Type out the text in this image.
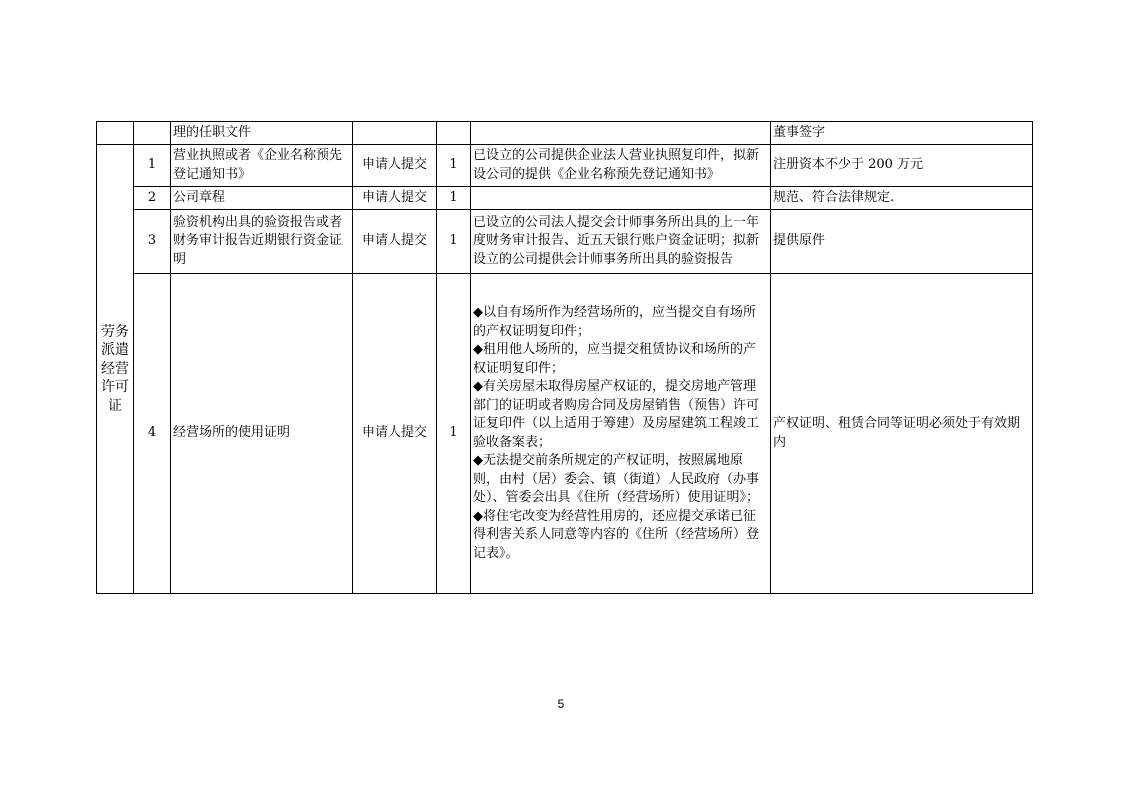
		理的任职文件				董事签字
劳务派遣经营许可证	1	营业执照或者《企业名称预先登记通知书》	申请人提交	1	已设立的公司提供企业法人营业执照复印件，拟新设公司的提供《企业名称预先登记通知书》	注册资本不少于 200 万元
	2	公司章程	申请人提交	1		规范、符合法律规定.
	3	验资机构出具的验资报告或者财务审计报告近期银行资金证明	申请人提交	1	已设立的公司法人提交会计师事务所出具的上一年度财务审计报告、近五天银行账户资金证明；拟新设立的公司提供会计师事务所出具的验资报告	提供原件
	4	经营场所的使用证明	申请人提交	1	◆以自有场所作为经营场所的，应当提交自有场所的产权证明复印件；

◆租用他人场所的，应当提交租赁协议和场所的产权证明复印件；

◆有关房屋未取得房屋产权证的，提交房地产管理部门的证明或者购房合同及房屋销售（预售）许可证复印件（以上适用于筹建）及房屋建筑工程竣工验收备案表；

◆无法提交前条所规定的产权证明，按照属地原则，由村（居）委会、镇（街道）人民政府（办事处）、管委会出具《住所（经营场所）使用证明》；

◆将住宅改变为经营性用房的，还应提交承诺已征得利害关系人同意等内容的《住所（经营场所）登记表》。	产权证明、租赁合同等证明必须处于有效期内
5
